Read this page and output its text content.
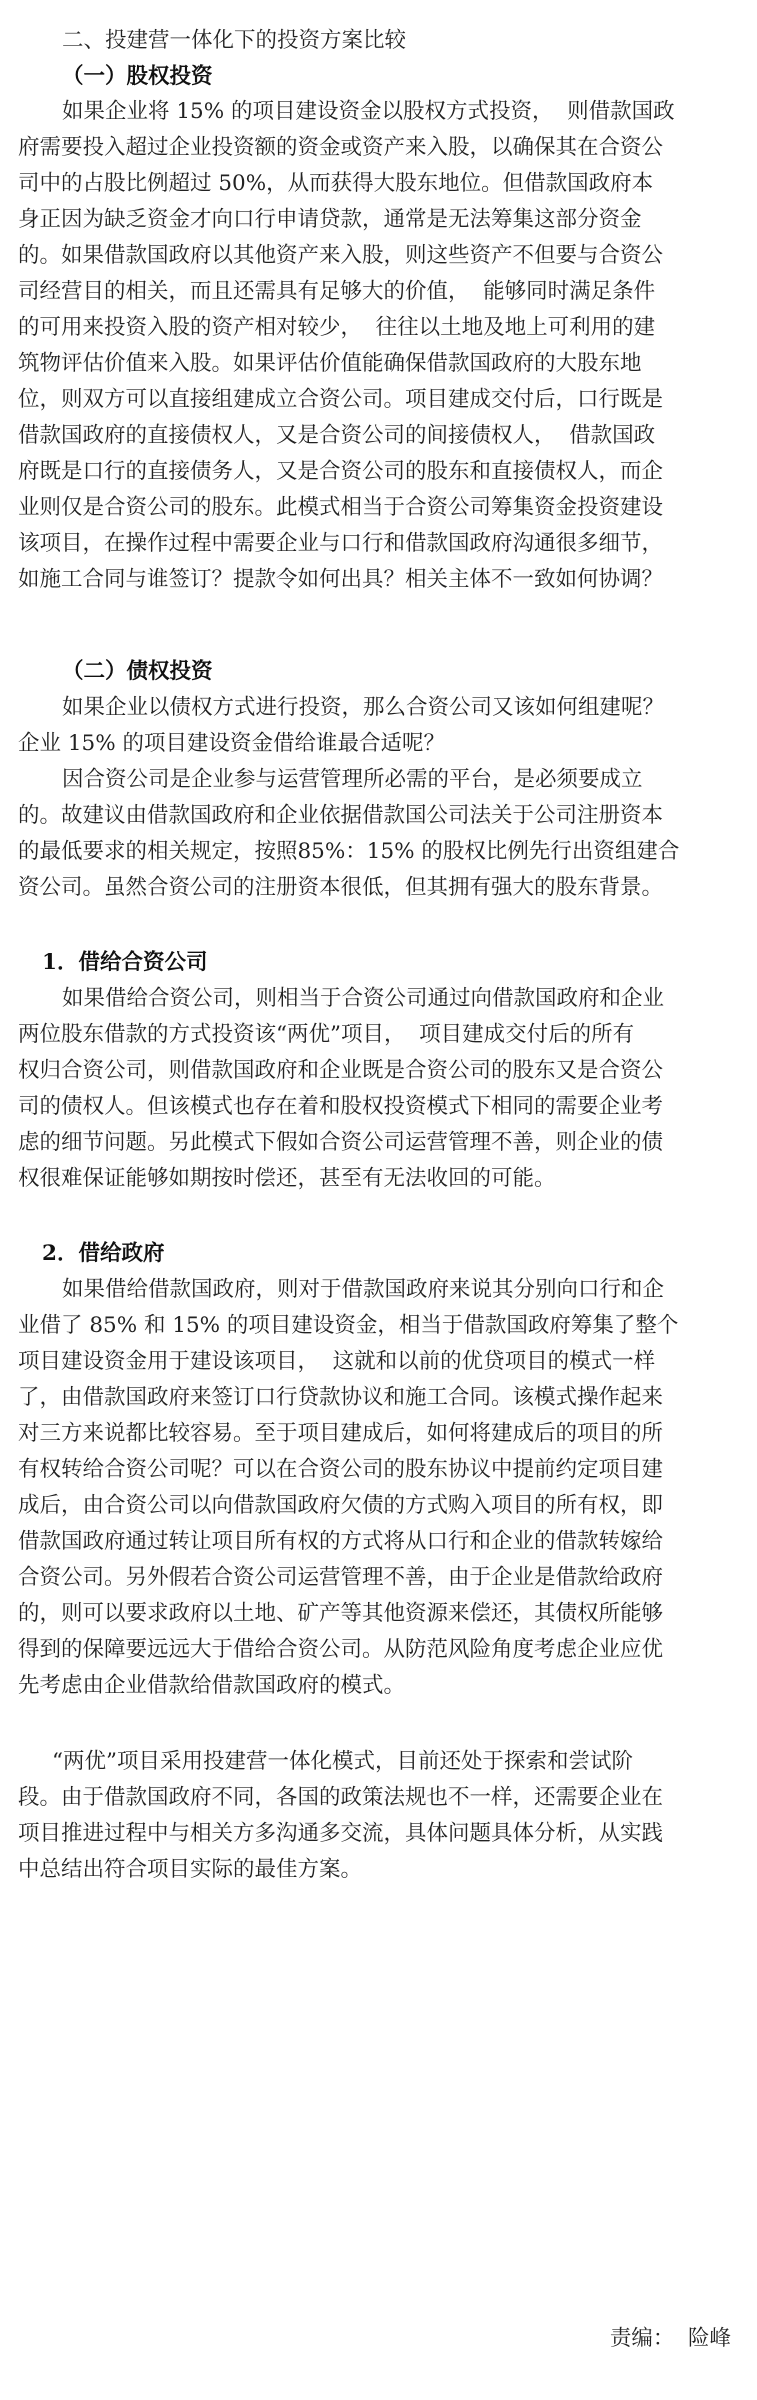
二、投建营一体化下的投资方案比较
（一）股权投资
如果企业将 15% 的项目建设资金以股权方式投资，  则借款国政
府需要投入超过企业投资额的资金或资产来入股，以确保其在合资公
司中的占股比例超过 50%，从而获得大股东地位。但借款国政府本
身正因为缺乏资金才向口行申请贷款，通常是无法筹集这部分资金
的。如果借款国政府以其他资产来入股，则这些资产不但要与合资公
司经营目的相关，而且还需具有足够大的价值，  能够同时满足条件
的可用来投资入股的资产相对较少，  往往以土地及地上可利用的建
筑物评估价值来入股。如果评估价值能确保借款国政府的大股东地
位，则双方可以直接组建成立合资公司。项目建成交付后，口行既是
借款国政府的直接债权人，又是合资公司的间接债权人，  借款国政
府既是口行的直接债务人，又是合资公司的股东和直接债权人，而企
业则仅是合资公司的股东。此模式相当于合资公司筹集资金投资建设
该项目，在操作过程中需要企业与口行和借款国政府沟通很多细节，
如施工合同与谁签订？提款令如何出具？相关主体不一致如何协调？
（二）债权投资
如果企业以债权方式进行投资，那么合资公司又该如何组建呢？
企业 15% 的项目建设资金借给谁最合适呢？
因合资公司是企业参与运营管理所必需的平台，是必须要成立
的。故建议由借款国政府和企业依据借款国公司法关于公司注册资本
的最低要求的相关规定，按照85%：15% 的股权比例先行出资组建合
资公司。虽然合资公司的注册资本很低，但其拥有强大的股东背景。
1．借给合资公司
如果借给合资公司，则相当于合资公司通过向借款国政府和企业
两位股东借款的方式投资该“两优”项目，  项目建成交付后的所有
权归合资公司，则借款国政府和企业既是合资公司的股东又是合资公
司的债权人。但该模式也存在着和股权投资模式下相同的需要企业考
虑的细节问题。另此模式下假如合资公司运营管理不善，则企业的债
权很难保证能够如期按时偿还，甚至有无法收回的可能。
2．借给政府
如果借给借款国政府，则对于借款国政府来说其分别向口行和企
业借了 85% 和 15% 的项目建设资金，相当于借款国政府筹集了整个
项目建设资金用于建设该项目，  这就和以前的优贷项目的模式一样
了，由借款国政府来签订口行贷款协议和施工合同。该模式操作起来
对三方来说都比较容易。至于项目建成后，如何将建成后的项目的所
有权转给合资公司呢？可以在合资公司的股东协议中提前约定项目建
成后，由合资公司以向借款国政府欠债的方式购入项目的所有权，即
借款国政府通过转让项目所有权的方式将从口行和企业的借款转嫁给
合资公司。另外假若合资公司运营管理不善，由于企业是借款给政府
的，则可以要求政府以土地、矿产等其他资源来偿还，其债权所能够
得到的保障要远远大于借给合资公司。从防范风险角度考虑企业应优
先考虑由企业借款给借款国政府的模式。
“两优”项目采用投建营一体化模式，目前还处于探索和尝试阶
段。由于借款国政府不同，各国的政策法规也不一样，还需要企业在
项目推进过程中与相关方多沟通多交流，具体问题具体分析，从实践
中总结出符合项目实际的最佳方案。
责编：  险峰
